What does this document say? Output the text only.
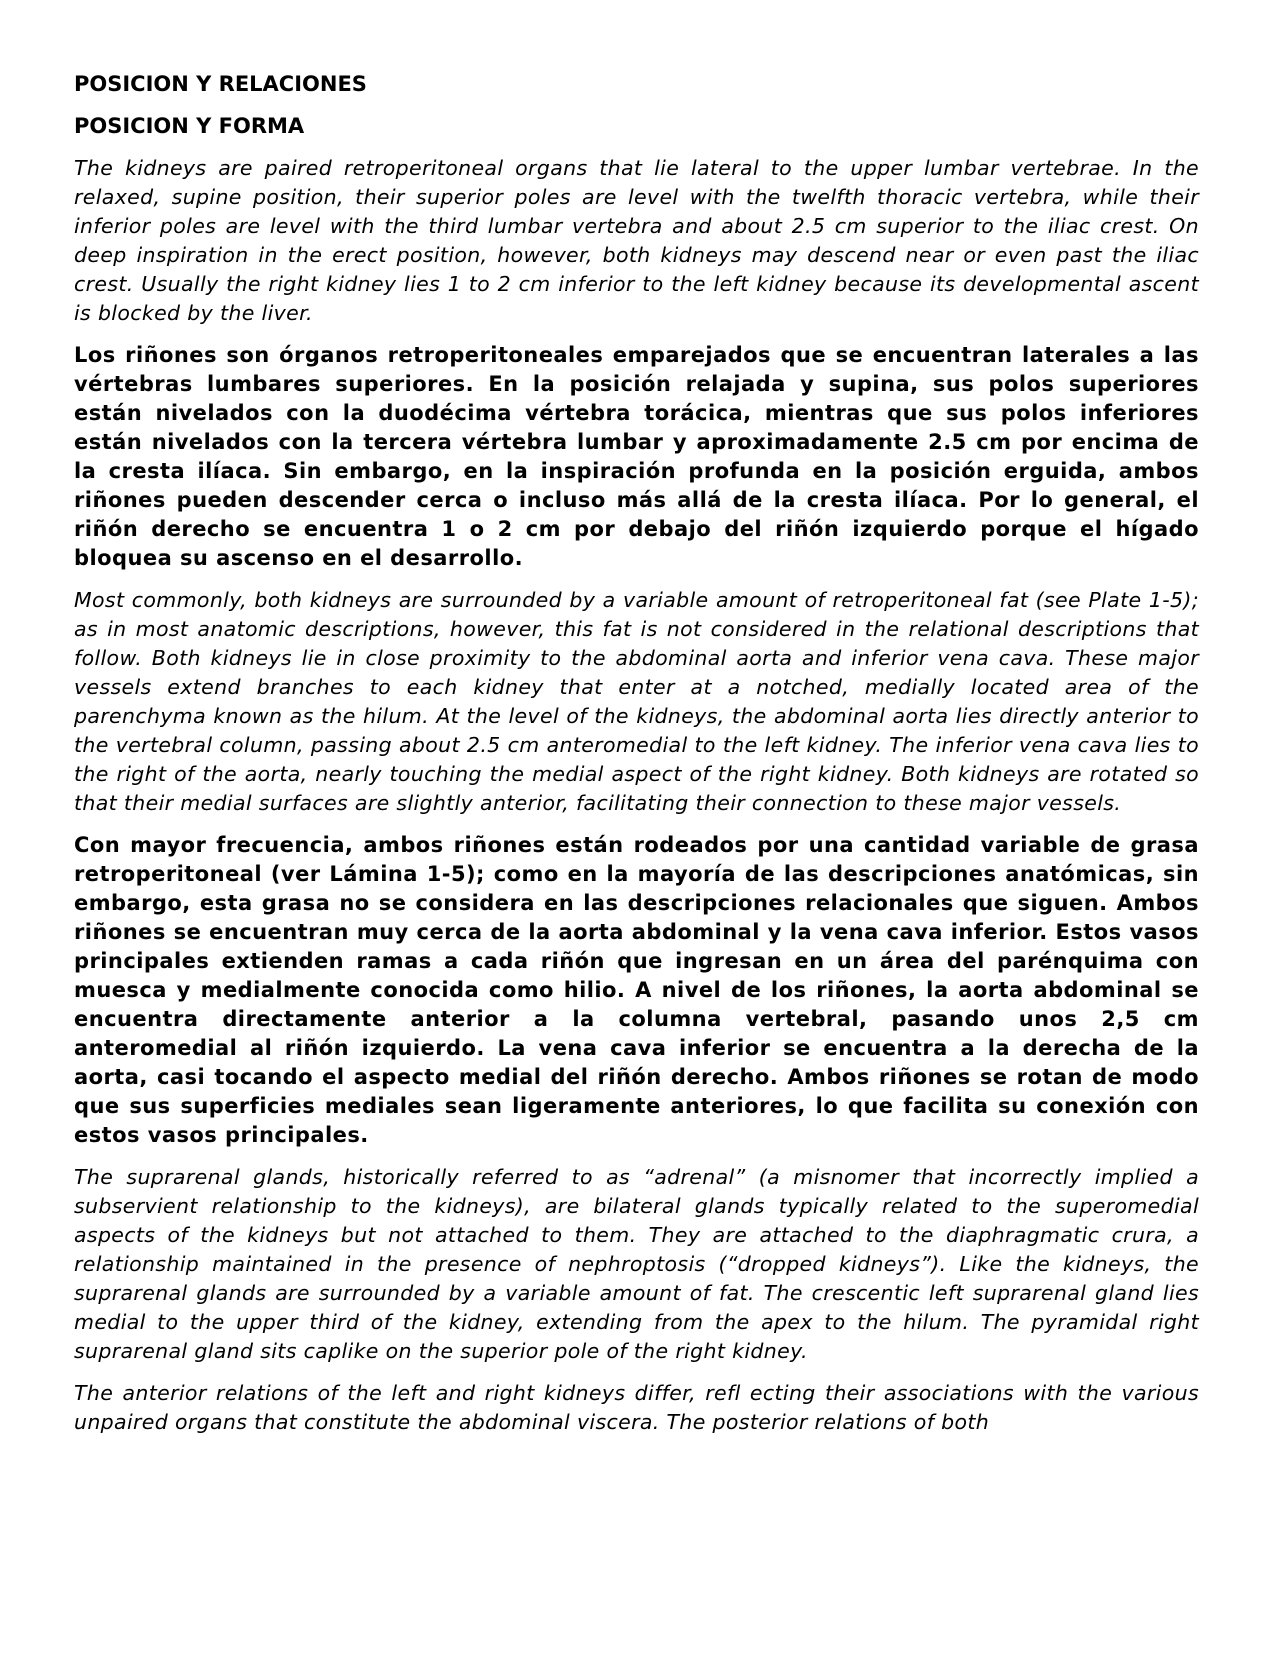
POSICION Y RELACIONES
POSICION Y FORMA

The kidneys are paired retroperitoneal organs that lie lateral to the upper lumbar vertebrae. In the relaxed, supine position, their superior poles are level with the twelfth thoracic vertebra, while their inferior poles are level with the third lumbar vertebra and about 2.5 cm superior to the iliac crest. On deep inspiration in the erect position, however, both kidneys may descend near or even past the iliac crest. Usually the right kidney lies 1 to 2 cm inferior to the left kidney because its developmental ascent is blocked by the liver.

Los riñones son órganos retroperitoneales emparejados que se encuentran laterales a las vértebras lumbares superiores. En la posición relajada y supina, sus polos superiores están nivelados con la duodécima vértebra torácica, mientras que sus polos inferiores están nivelados con la tercera vértebra lumbar y aproximadamente 2.5 cm por encima de la cresta ilíaca. Sin embargo, en la inspiración profunda en la posición erguida, ambos riñones pueden descender cerca o incluso más allá de la cresta ilíaca. Por lo general, el riñón derecho se encuentra 1 o 2 cm por debajo del riñón izquierdo porque el hígado bloquea su ascenso en el desarrollo.

Most commonly, both kidneys are surrounded by a variable amount of retroperitoneal fat (see Plate 1-5); as in most anatomic descriptions, however, this fat is not considered in the relational descriptions that follow. Both kidneys lie in close proximity to the abdominal aorta and inferior vena cava. These major vessels extend branches to each kidney that enter at a notched, medially located area of the parenchyma known as the hilum. At the level of the kidneys, the abdominal aorta lies directly anterior to the vertebral column, passing about 2.5 cm anteromedial to the left kidney. The inferior vena cava lies to the right of the aorta, nearly touching the medial aspect of the right kidney. Both kidneys are rotated so that their medial surfaces are slightly anterior, facilitating their connection to these major vessels.

Con mayor frecuencia, ambos riñones están rodeados por una cantidad variable de grasa retroperitoneal (ver Lámina 1-5); como en la mayoría de las descripciones anatómicas, sin embargo, esta grasa no se considera en las descripciones relacionales que siguen. Ambos riñones se encuentran muy cerca de la aorta abdominal y la vena cava inferior. Estos vasos principales extienden ramas a cada riñón que ingresan en un área del parénquima con muesca y medialmente conocida como hilio. A nivel de los riñones, la aorta abdominal se encuentra directamente anterior a la columna vertebral, pasando unos 2,5 cm anteromedial al riñón izquierdo. La vena cava inferior se encuentra a la derecha de la aorta, casi tocando el aspecto medial del riñón derecho. Ambos riñones se rotan de modo que sus superficies mediales sean ligeramente anteriores, lo que facilita su conexión con estos vasos principales.

The suprarenal glands, historically referred to as “adrenal” (a misnomer that incorrectly implied a subservient relationship to the kidneys), are bilateral glands typically related to the superomedial aspects of the kidneys but not attached to them. They are attached to the diaphragmatic crura, a relationship maintained in the presence of nephroptosis (“dropped kidneys”). Like the kidneys, the suprarenal glands are surrounded by a variable amount of fat. The crescentic left suprarenal gland lies medial to the upper third of the kidney, extending from the apex to the hilum. The pyramidal right suprarenal gland sits caplike on the superior pole of the right kidney.

The anterior relations of the left and right kidneys differ, refl ecting their associations with the various unpaired organs that constitute the abdominal viscera. The posterior relations of both
